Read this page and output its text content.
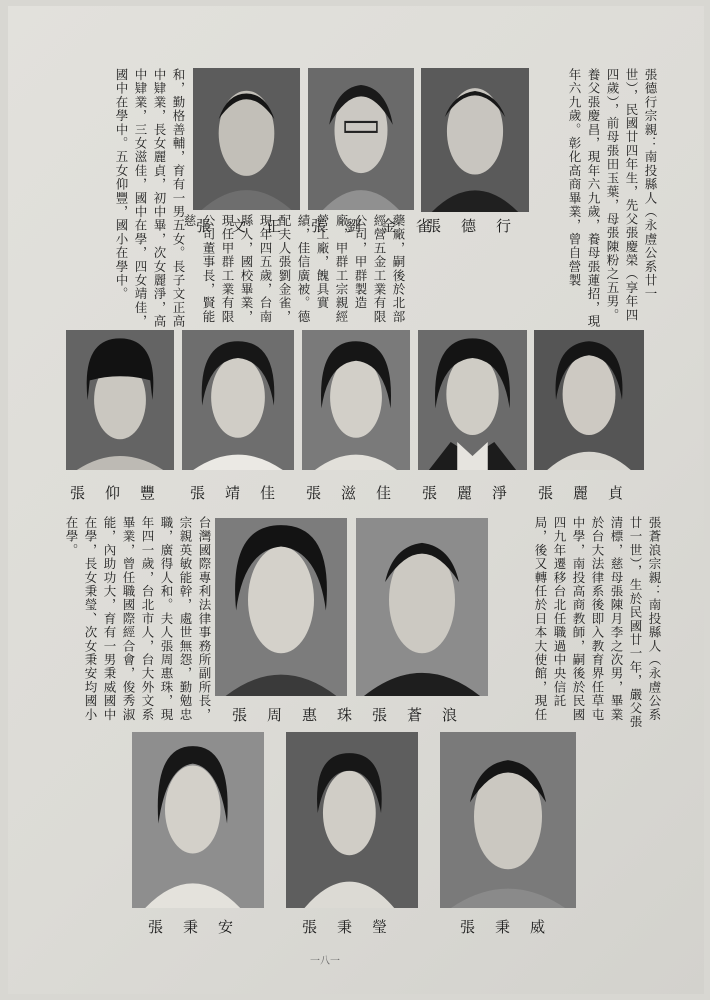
張德行宗親：南投縣人（永䖒公系廿一世），民國廿四年生，先父張慶榮（享年四四歲），前母張田玉葉，母張陳粉之五男。養父張慶昌，現年六九歲，養母張蓮招，現年六九歲。彰化高商畢業，曾自營製

藥廠，嗣後於北部經營五金工業有限公司，甲群製造廠，甲群工宗親經營工廠，餽具實績，佳信廣被。德配夫人張劉金雀，現年四五歲，台南縣人，國校畢業，現任甲群工業有限公司董事長，賢能慈

和，勤格善輔，育有一男五女。長子文正高中肄業，長女麗貞，初中畢，次女麗淨，高中肄業，三女滋佳，國中在學，四女靖佳，國中在學中。五女仰豐，國小在學中。	張德行
張劉金雀
張文正
張麗貞
張麗淨
張滋佳
張靖佳
張仰豐

張蒼浪宗親：南投縣人（永䖒公系廿一世），生於民國廿一年，嚴父張清標，慈母張陳月李之次男，畢業於台大法律系後即入教育界任草屯中學，南投高商教師，嗣後於民國四九年遷移台北任職過中央信託局，後又轉任於日本大使館，現任

台灣國際專利法律事務所副所長，宗親英敏能幹，處世無怨，勤勉忠職，廣得人和。夫人張周惠珠，現年四一歲，台北市人，台大外文系畢業，曾任職國際經合會，俊秀淑能，內助功大，育有一男秉威國中在學，長女秉瑩、次女秉安均國小在學。

張蒼浪
張周惠珠
張秉威
張秉瑩
張秉安
一八一
